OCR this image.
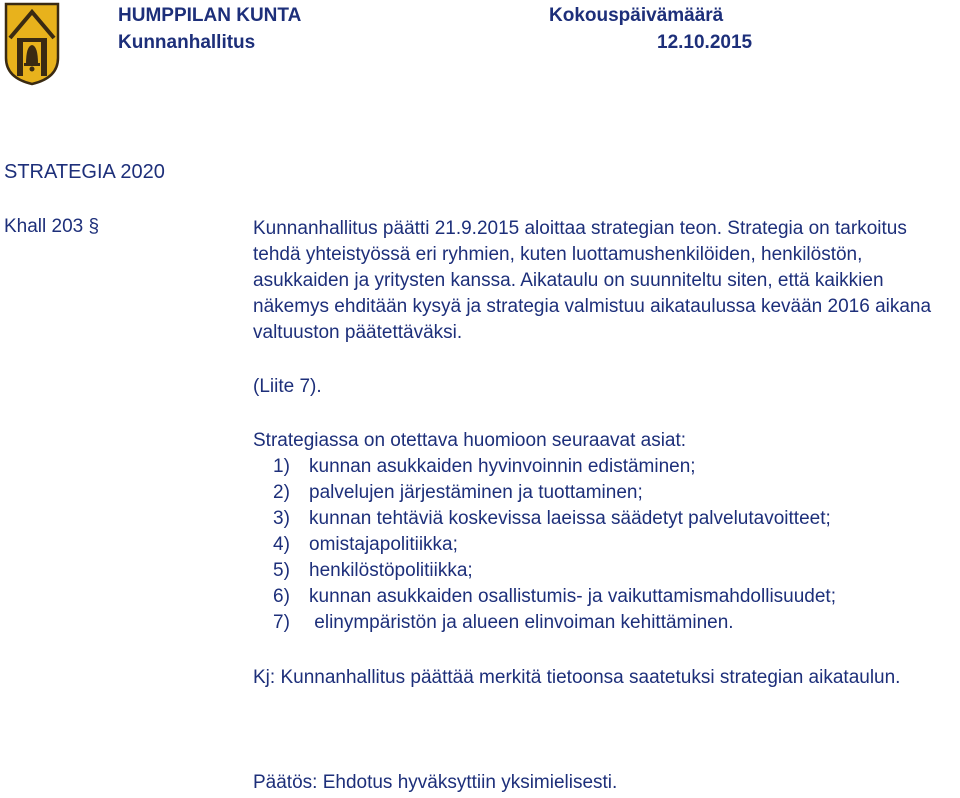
HUMPPILAN KUNTA
Kunnanhallitus
Kokouspäivämäärä
12.10.2015
STRATEGIA 2020
Khall 203 §	Kunnanhallitus päätti 21.9.2015 aloittaa strategian teon. Strategia on tarkoitus tehdä yhteistyössä eri ryhmien, kuten luottamushenkilöiden, henkilöstön, asukkaiden ja yritysten kanssa. Aikataulu on suunniteltu siten, että kaikkien näkemys ehditään kysyä ja strategia valmistuu aikataulussa kevään 2016 aikana valtuuston päätettäväksi.

(Liite 7).

Strategiassa on otettava huomioon seuraavat asiat:

1) kunnan asukkaiden hyvinvoinnin edistäminen;
2) palvelujen järjestäminen ja tuottaminen;
3) kunnan tehtäviä koskevissa laeissa säädetyt palvelutavoitteet;
4) omistajapolitiikka;
5) henkilöstöpolitiikka;
6) kunnan asukkaiden osallistumis- ja vaikuttamismahdollisuudet;
7) elinympäristön ja alueen elinvoiman kehittäminen.

Kj: Kunnanhallitus päättää merkitä tietoonsa saatetuksi strategian aikataulun.

Päätös: Ehdotus hyväksyttiin yksimielisesti.
